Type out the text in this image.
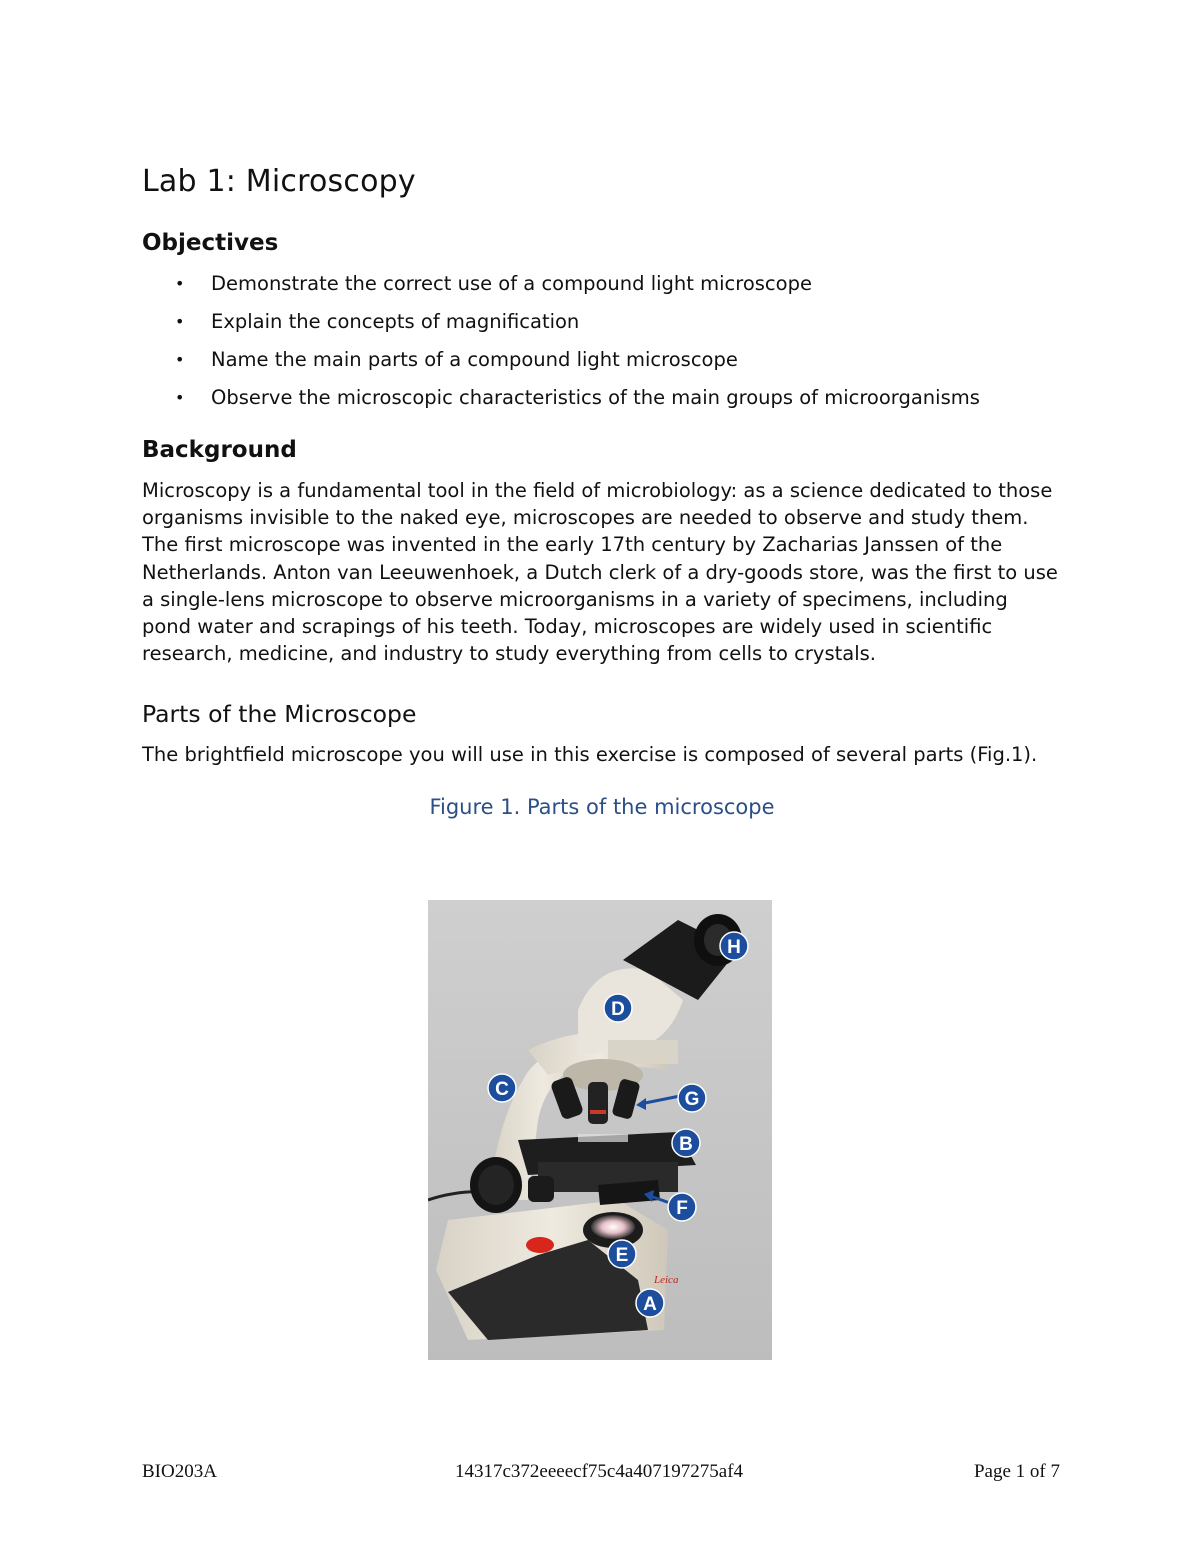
Lab 1: Microscopy
Objectives
• Demonstrate the correct use of a compound light microscope
• Explain the concepts of magnification
• Name the main parts of a compound light microscope
• Observe the microscopic characteristics of the main groups of microorganisms
Background

Microscopy is a fundamental tool in the field of microbiology: as a science dedicated to those organisms invisible to the naked eye, microscopes are needed to observe and study them. The first microscope was invented in the early 17th century by Zacharias Janssen of the Netherlands. Anton van Leeuwenhoek, a Dutch clerk of a dry-goods store, was the first to use a single-lens microscope to observe microorganisms in a variety of specimens, including pond water and scrapings of his teeth. Today, microscopes are widely used in scientific research, medicine, and industry to study everything from cells to crystals.

Parts of the Microscope

The brightfield microscope you will use in this exercise is composed of several parts (Fig.1).

Figure 1. Parts of the microscope
H
D
C	G
B
F
E
A
Leica
BIO203A	14317c372eeeecf75c4a407197275af4	Page 1 of 7
